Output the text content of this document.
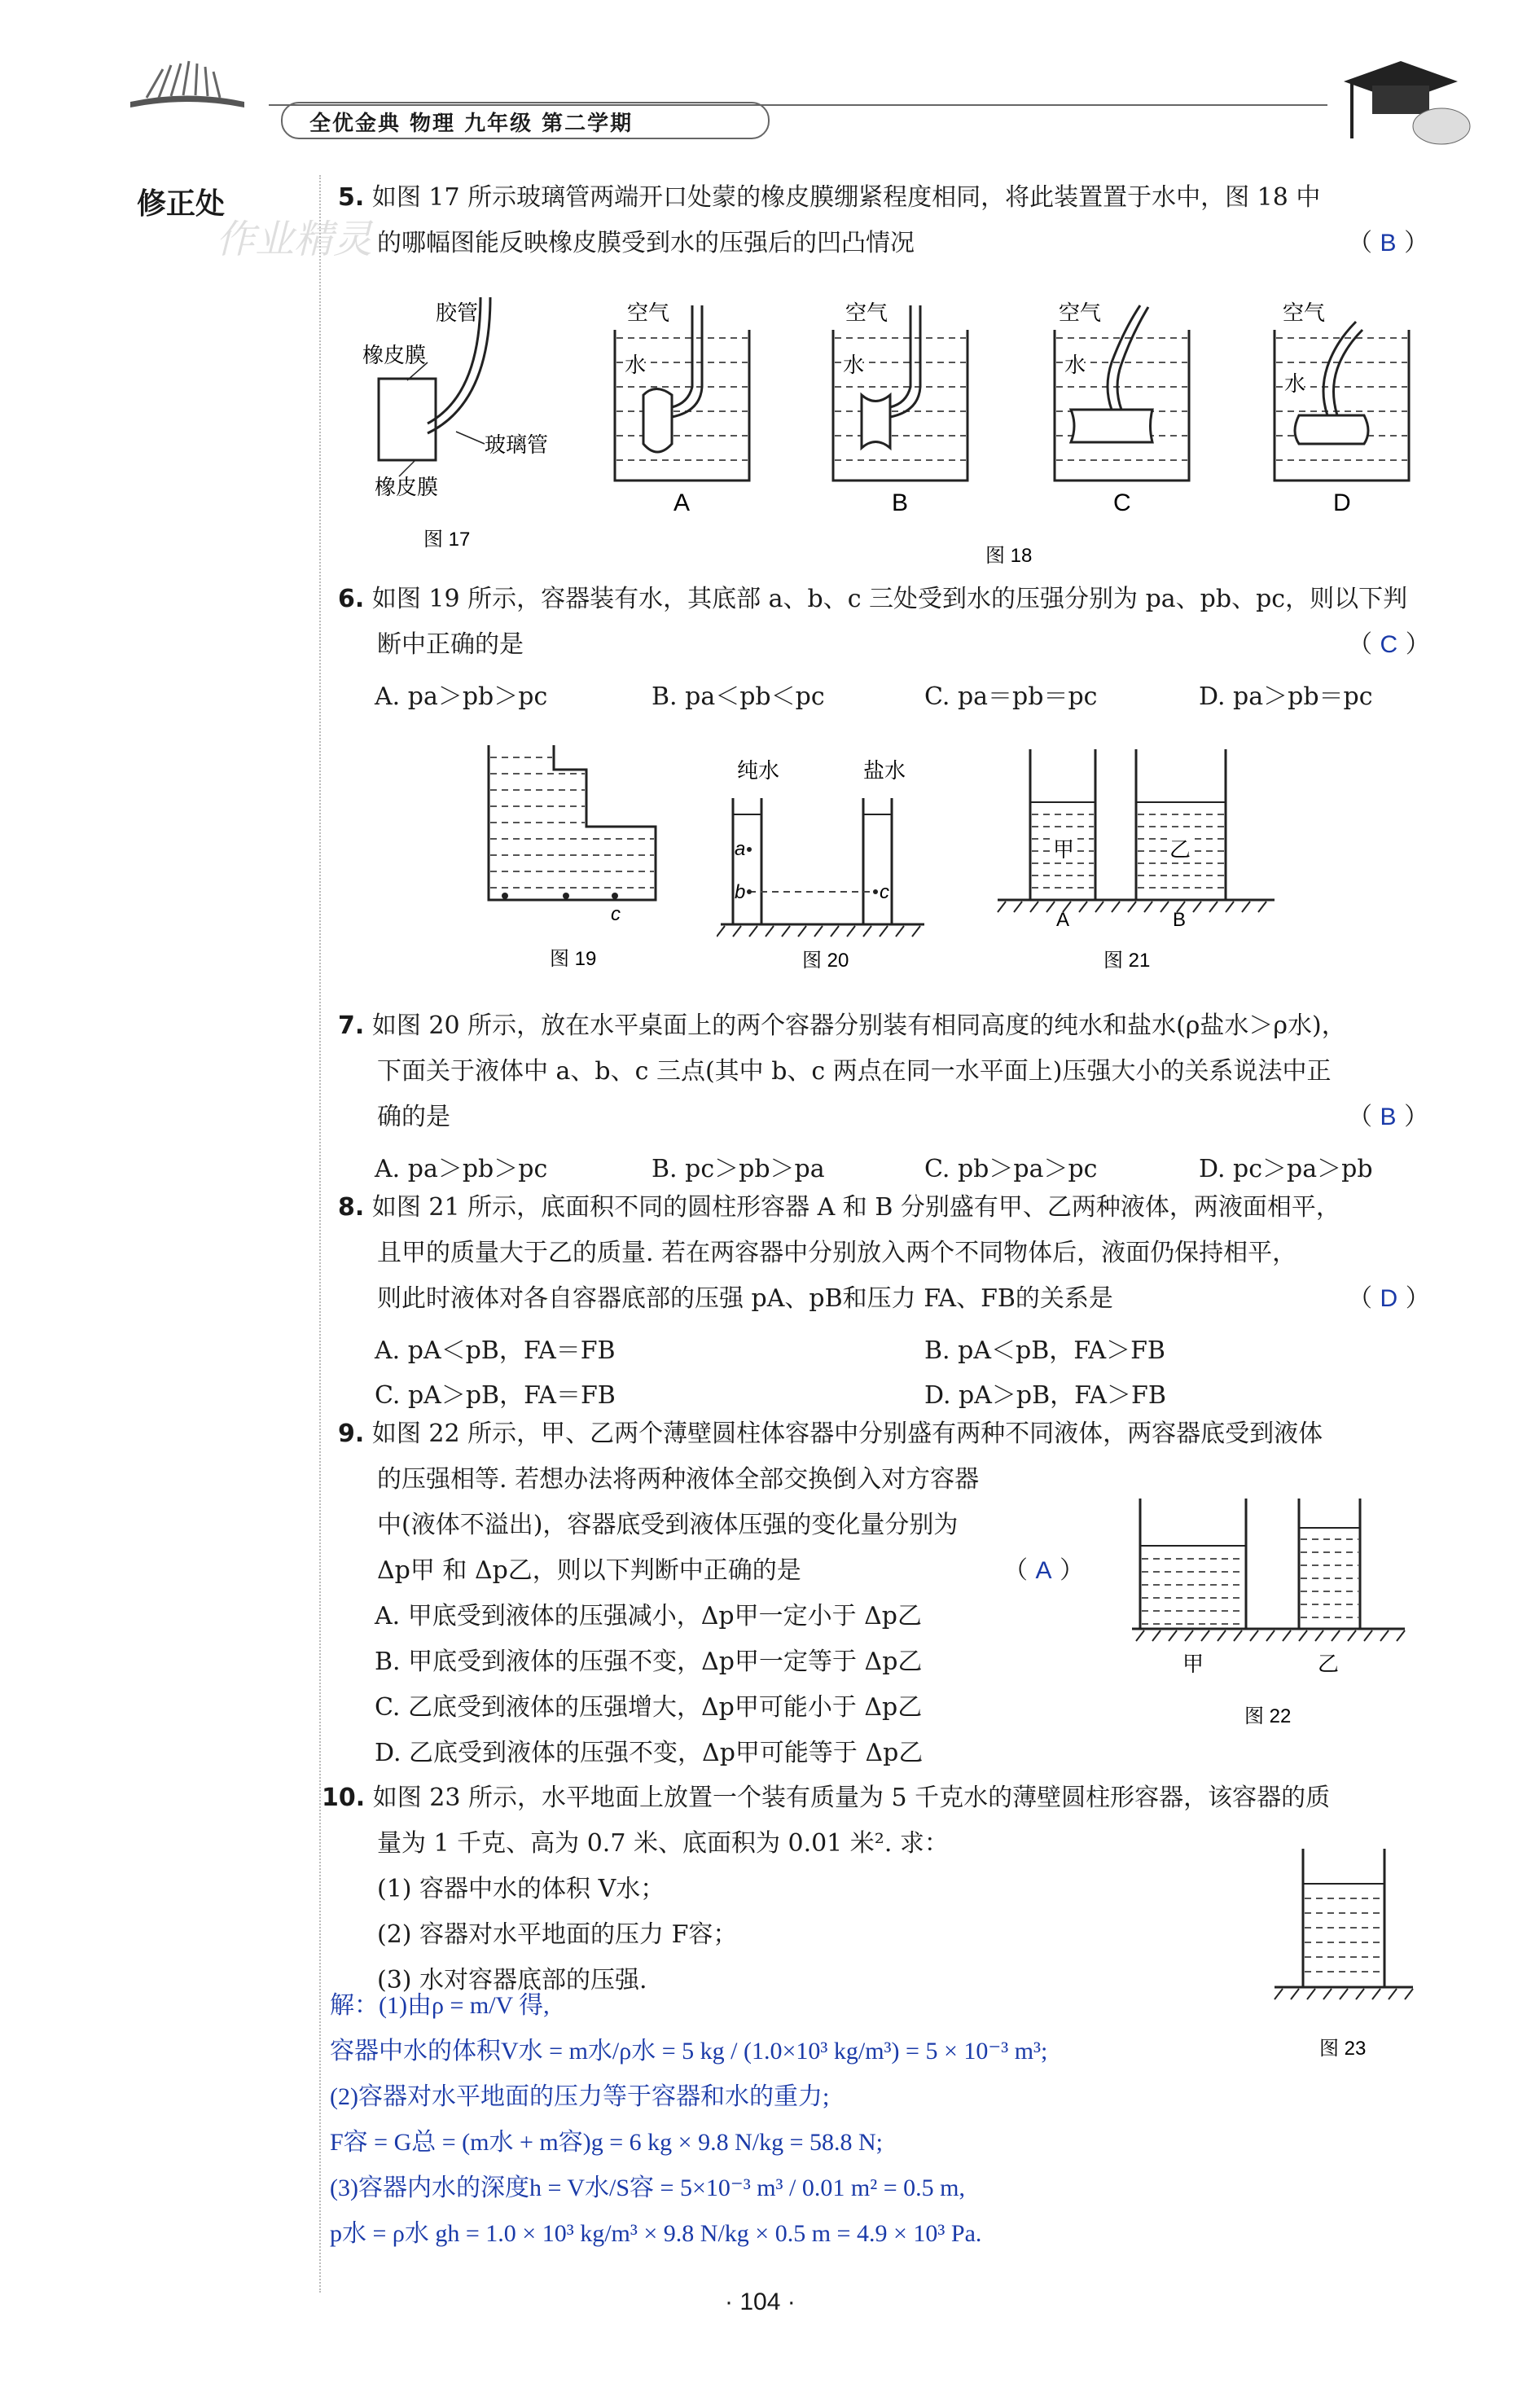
全优金典 物理 九年级 第二学期
修正处
作业精灵
5. 如图 17 所示玻璃管两端开口处蒙的橡皮膜绷紧程度相同，将此装置置于水中，图 18 中
的哪幅图能反映橡皮膜受到水的压强后的凹凸情况	（ B ）
胶管
橡皮膜
玻璃管
橡皮膜
图 17
空气
水
A
空气
水
B
空气
水
C
空气
水
D
图 18
6. 如图 19 所示，容器装有水，其底部 a、b、c 三处受到水的压强分别为 pa、pb、pc，则以下判
断中正确的是	（ C ）
A. pa＞pb＞pc	B. pa＜pb＜pc	C. pa＝pb＝pc	D. pa＞pb＝pc
c
图 19
纯水	盐水
a
b	c
图 20
甲	乙
A	B
图 21
7. 如图 20 所示，放在水平桌面上的两个容器分别装有相同高度的纯水和盐水(ρ盐水＞ρ水)，
下面关于液体中 a、b、c 三点(其中 b、c 两点在同一水平面上)压强大小的关系说法中正
确的是	（ B ）
A. pa＞pb＞pc	B. pc＞pb＞pa	C. pb＞pa＞pc	D. pc＞pa＞pb
8. 如图 21 所示，底面积不同的圆柱形容器 A 和 B 分别盛有甲、乙两种液体，两液面相平，
且甲的质量大于乙的质量. 若在两容器中分别放入两个不同物体后，液面仍保持相平，
则此时液体对各自容器底部的压强 pA、pB和压力 FA、FB的关系是	（ D ）
A. pA＜pB，FA＝FB	B. pA＜pB，FA＞FB
C. pA＞pB，FA＝FB	D. pA＞pB，FA＞FB
9. 如图 22 所示，甲、乙两个薄壁圆柱体容器中分别盛有两种不同液体，两容器底受到液体
的压强相等. 若想办法将两种液体全部交换倒入对方容器
中(液体不溢出)，容器底受到液体压强的变化量分别为
Δp甲 和 Δp乙，则以下判断中正确的是	（ A ）
A. 甲底受到液体的压强减小，Δp甲一定小于 Δp乙
B. 甲底受到液体的压强不变，Δp甲一定等于 Δp乙
C. 乙底受到液体的压强增大，Δp甲可能小于 Δp乙
D. 乙底受到液体的压强不变，Δp甲可能等于 Δp乙
甲	乙
图 22
10. 如图 23 所示，水平地面上放置一个装有质量为 5 千克水的薄壁圆柱形容器，该容器的质
量为 1 千克、高为 0.7 米、底面积为 0.01 米². 求：
(1) 容器中水的体积 V水；
(2) 容器对水平地面的压力 F容；
(3) 水对容器底部的压强.
图 23
解：(1)由ρ = m/V 得,
容器中水的体积V水 = m水/ρ水 = 5 kg / (1.0×10³ kg/m³) = 5 × 10⁻³ m³;
(2)容器对水平地面的压力等于容器和水的重力;
F容 = G总 = (m水 + m容)g = 6 kg × 9.8 N/kg = 58.8 N;
(3)容器内水的深度h = V水/S容 = 5×10⁻³ m³ / 0.01 m² = 0.5 m,
p水 = ρ水 gh = 1.0 × 10³ kg/m³ × 9.8 N/kg × 0.5 m = 4.9 × 10³ Pa.
· 104 ·
